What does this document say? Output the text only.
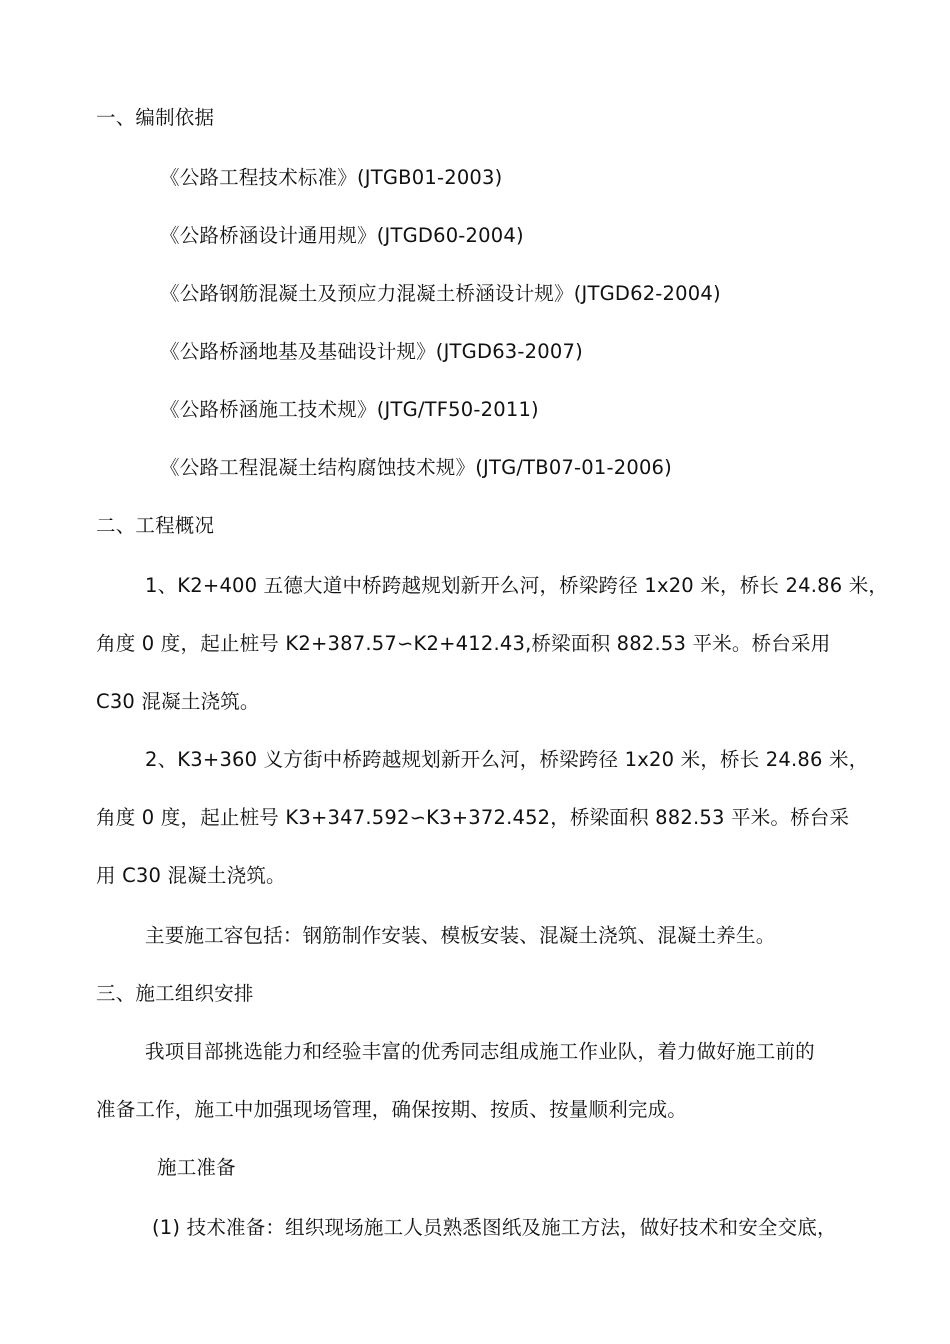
一、编制依据
《公路工程技术标准》(JTGB01-2003)
《公路桥涵设计通用规》(JTGD60-2004)
《公路钢筋混凝土及预应力混凝土桥涵设计规》(JTGD62-2004)
《公路桥涵地基及基础设计规》(JTGD63-2007)
《公路桥涵施工技术规》(JTG/TF50-2011)
《公路工程混凝土结构腐蚀技术规》(JTG/TB07-01-2006)
二、工程概况
1、K2+400 五德大道中桥跨越规划新开么河，桥梁跨径 1x20 米，桥长 24.86 米，
角度 0 度，起止桩号 K2+387.57∽K2+412.43,桥梁面积 882.53 平米。桥台采用
C30 混凝土浇筑。
2、K3+360 义方街中桥跨越规划新开么河，桥梁跨径 1x20 米，桥长 24.86 米，
角度 0 度，起止桩号 K3+347.592∽K3+372.452，桥梁面积 882.53 平米。桥台采
用 C30 混凝土浇筑。
主要施工容包括：钢筋制作安装、模板安装、混凝土浇筑、混凝土养生。
三、施工组织安排
我项目部挑选能力和经验丰富的优秀同志组成施工作业队，着力做好施工前的
准备工作，施工中加强现场管理，确保按期、按质、按量顺利完成。
施工准备
(1) 技术准备：组织现场施工人员熟悉图纸及施工方法，做好技术和安全交底，
